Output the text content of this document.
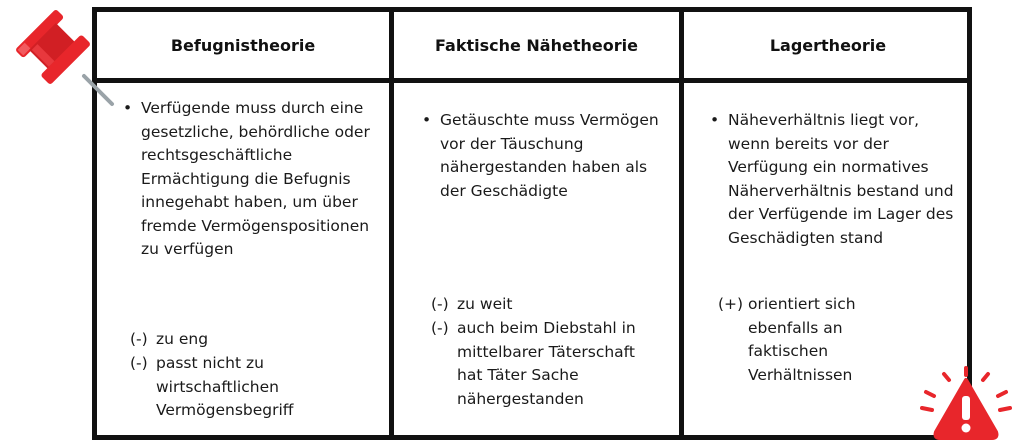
Befugnistheorie	Faktische Nähetheorie	Lagertheorie
• Verfügende muss durch eine gesetzliche, behördliche oder rechtsgeschäftliche Ermächtigung die Befugnis innegehabt haben, um über fremde Vermögenspositionen zu verfügen
(-) zu eng
(-) passt nicht zu wirtschaftlichen Vermögensbegriff
• Getäuschte muss Vermögen vor der Täuschung nähergestanden haben als der Geschädigte
(-) zu weit
(-) auch beim Diebstahl in mittelbarer Täterschaft hat Täter Sache nähergestanden
• Näheverhältnis liegt vor, wenn bereits vor der Verfügung ein normatives Näherverhältnis bestand und der Verfügende im Lager des Geschädigten stand
(+) orientiert sich ebenfalls an faktischen Verhältnissen
